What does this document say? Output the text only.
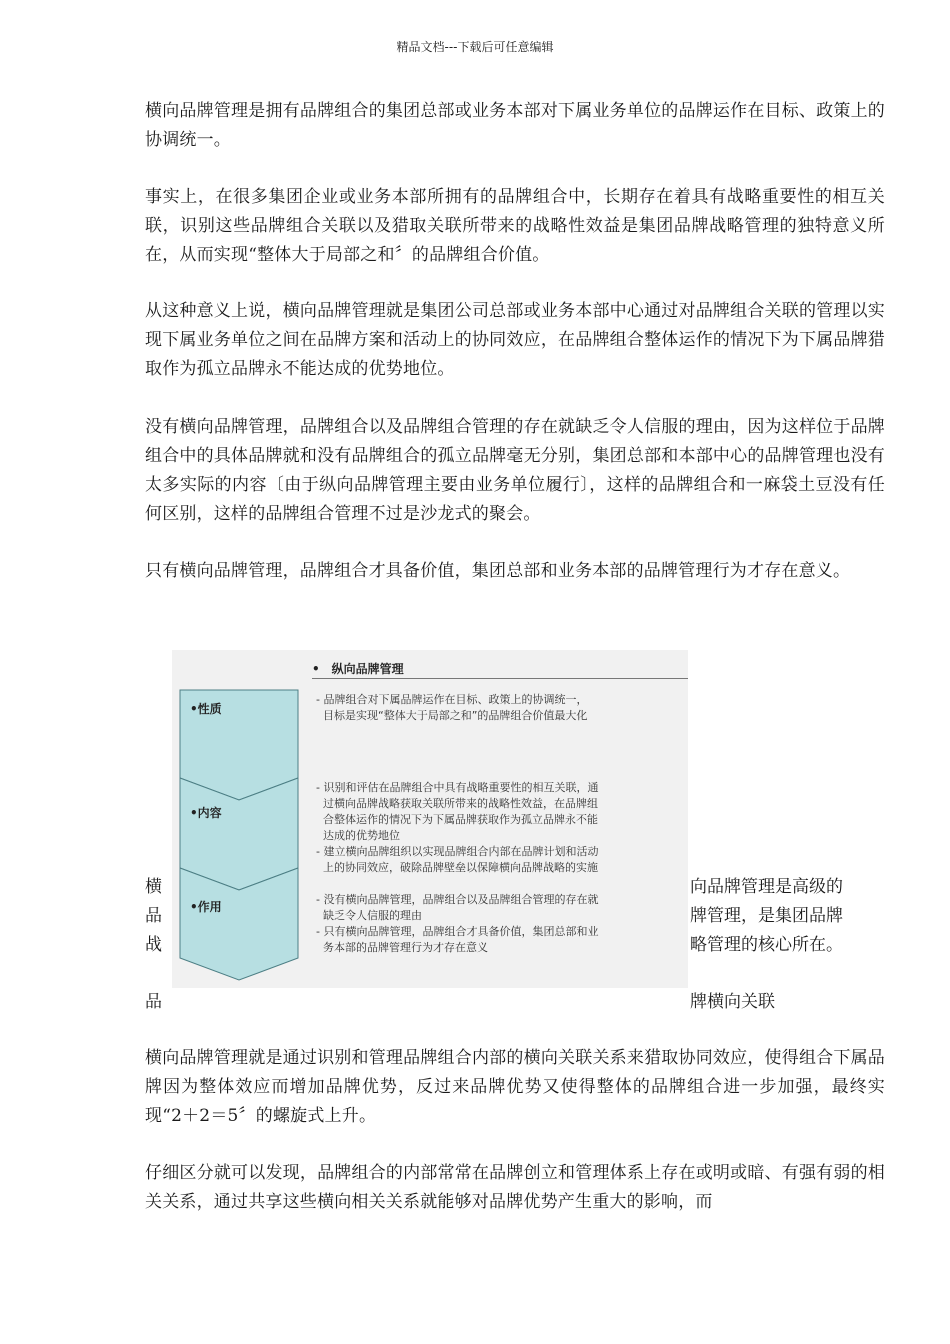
精品文档---下载后可任意编辑

横向品牌管理是拥有品牌组合的集团总部或业务本部对下属业务单位的品牌运作在目标、政策上的协调统一。

事实上，在很多集团企业或业务本部所拥有的品牌组合中，长期存在着具有战略重要性的相互关联，识别这些品牌组合关联以及猎取关联所带来的战略性效益是集团品牌战略管理的独特意义所在，从而实现“整体大于局部之和〞的品牌组合价值。

从这种意义上说，横向品牌管理就是集团公司总部或业务本部中心通过对品牌组合关联的管理以实现下属业务单位之间在品牌方案和活动上的协同效应，在品牌组合整体运作的情况下为下属品牌猎取作为孤立品牌永不能达成的优势地位。

没有横向品牌管理，品牌组合以及品牌组合管理的存在就缺乏令人信服的理由，因为这样位于品牌组合中的具体品牌就和没有品牌组合的孤立品牌毫无分别，集团总部和本部中心的品牌管理也没有太多实际的内容〔由于纵向品牌管理主要由业务单位履行〕，这样的品牌组合和一麻袋土豆没有任何区别，这样的品牌组合管理不过是沙龙式的聚会。

只有横向品牌管理，品牌组合才具备价值，集团总部和业务本部的品牌管理行为才存在意义。

•　纵向品牌管理
•性质
•内容
•作用
- 品牌组合对下属品牌运作在目标、政策上的协调统一，
目标是实现“整体大于局部之和”的品牌组合价值最大化
- 识别和评估在品牌组合中具有战略重要性的相互关联，通
过横向品牌战略获取关联所带来的战略性效益，在品牌组
合整体运作的情况下为下属品牌获取作为孤立品牌永不能
达成的优势地位
- 建立横向品牌组织以实现品牌组合内部在品牌计划和活动
上的协同效应，破除品牌壁垒以保障横向品牌战略的实施
- 没有横向品牌管理，品牌组合以及品牌组合管理的存在就
缺乏令人信服的理由
- 只有横向品牌管理，品牌组合才具备价值，集团总部和业
务本部的品牌管理行为才存在意义
横
品
战
品
向品牌管理是高级的
牌管理，是集团品牌
略管理的核心所在。
牌横向关联

横向品牌管理就是通过识别和管理品牌组合内部的横向关联关系来猎取协同效应，使得组合下属品牌因为整体效应而增加品牌优势，反过来品牌优势又使得整体的品牌组合进一步加强，最终实现“2＋2＝5〞的螺旋式上升。

仔细区分就可以发现，品牌组合的内部常常在品牌创立和管理体系上存在或明或暗、有强有弱的相关关系，通过共享这些横向相关关系就能够对品牌优势产生重大的影响，而
